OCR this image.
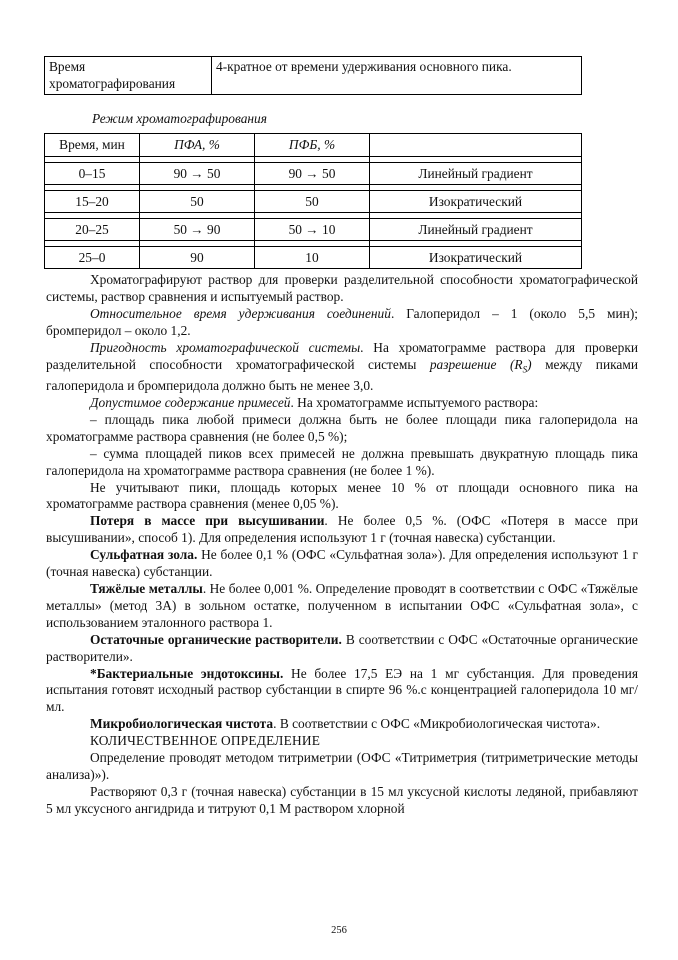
Время хроматографирования	4-кратное от времени удерживания основного пика.
Режим хроматографирования
Время, мин	ПФА, %	ПФБ, %	

0–15	90 → 50	90 → 50	Линейный градиент

15–20	50	50	Изократический

20–25	50 → 90	50 → 10	Линейный градиент

25–0	90	10	Изократический

Хроматографируют раствор для проверки разделительной способности хроматографической системы, раствор сравнения и испытуемый раствор.

Относительное время удерживания соединений. Галоперидол – 1 (около 5,5 мин); бромперидол – около 1,2.

Пригодность хроматографической системы. На хроматограмме раствора для проверки разделительной способности хроматографической системы разрешение $(R_S)$ между пиками галоперидола и бромперидола должно быть не менее 3,0.

Допустимое содержание примесей. На хроматограмме испытуемого раствора:

– площадь пика любой примеси должна быть не более площади пика галоперидола на хроматограмме раствора сравнения (не более 0,5 %);

– сумма площадей пиков всех примесей не должна превышать двукратную площадь пика галоперидола на хроматограмме раствора сравнения (не более 1 %).

Не учитывают пики, площадь которых менее 10 % от площади основного пика на хроматограмме раствора сравнения (менее 0,05 %).

Потеря в массе при высушивании. Не более 0,5 %. (ОФС «Потеря в массе при высушивании», способ 1). Для определения используют 1 г (точная навеска) субстанции.

Сульфатная зола. Не более 0,1 % (ОФС «Сульфатная зола»). Для определения используют 1 г (точная навеска) субстанции.

Тяжёлые металлы. Не более 0,001 %. Определение проводят в соответствии с ОФС «Тяжёлые металлы» (метод 3А) в зольном остатке, полученном в испытании ОФС «Сульфатная зола», с использованием эталонного раствора 1.

Остаточные органические растворители. В соответствии с ОФС «Остаточные органические растворители».

*Бактериальные эндотоксины. Не более 17,5 ЕЭ на 1 мг субстанция. Для проведения испытания готовят исходный раствор субстанции в спирте 96 %.с концентрацией галоперидола 10 мг/мл.

Микробиологическая чистота. В соответствии с ОФС «Микробиологическая чистота».

КОЛИЧЕСТВЕННОЕ ОПРЕДЕЛЕНИЕ

Определение проводят методом титриметрии (ОФС «Титриметрия (титриметрические методы анализа)»).

Растворяют 0,3 г (точная навеска) субстанции в 15 мл уксусной кислоты ледяной, прибавляют 5 мл уксусного ангидрида и титруют 0,1 М раствором хлорной

256
